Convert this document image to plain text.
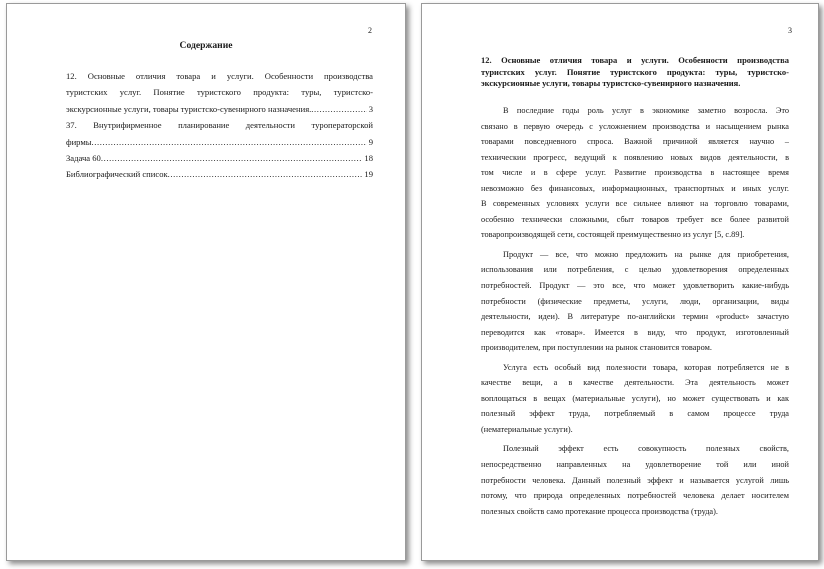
2
Содержание
12. Основные отличия товара и услуги. Особенности производства
туристских услуг. Понятие туристского продукта: туры, туристско-
экскурсионные услуги, товары туристско-сувенирного назначения. .....	3
37. Внутрифирменное планирование деятельности туроператорской
фирмы .....	9
Задача 60 .....	18
Библиографический список .....	19
3
12. Основные отличия товара и услуги. Особенности производства
туристских услуг. Понятие туристского продукта: туры, туристско-
экскурсионные услуги, товары туристско-сувенирного назначения.
В последние годы роль услуг в экономике заметно возросла. Это
связано в первую очередь с усложнением производства и насыщением рынка
товарами повседневного спроса. Важной причиной является научно –
техническии прогресс, ведущий к появлению новых видов деятельности, в
том числе и в сфере услуг. Развитие производства в настоящее время
невозможно без финансовых, информационных, транспортных и иных услуг.
В современных условиях услуги все сильнее влияют на торговлю товарами,
особенно технически сложными, сбыт товаров требует все более развитой
товаропроизводящей сети, состоящей преимущественно из услуг [5, с.89].
Продукт — все, что можно предложить на рынке для приобретения,
использования или потребления, с целью удовлетворения определенных
потребностей. Продукт — это все, что может удовлетворить какие-нибудь
потребности (физические предметы, услуги, люди, организации, виды
деятельности, идеи). В литературе по-английски термин «product» зачастую
переводится как «товар». Имеется в виду, что продукт, изготовленный
производителем, при поступлении на рынок становится товаром.
Услуга есть особый вид полезности товара, которая потребляется не в
качестве вещи, а в качестве деятельности. Эта деятельность может
воплощаться в вещах (материальные услуги), но может существовать и как
полезный эффект труда, потребляемый в самом процессе труда
(нематериальные услуги).
Полезный эффект есть совокупность полезных свойств,
непосредственно направленных на удовлетворение той или иной
потребности человека. Данный полезный эффект и называется услугой лишь
потому, что природа определенных потребностей человека делает носителем
полезных свойств само протекание процесса производства (труда).
